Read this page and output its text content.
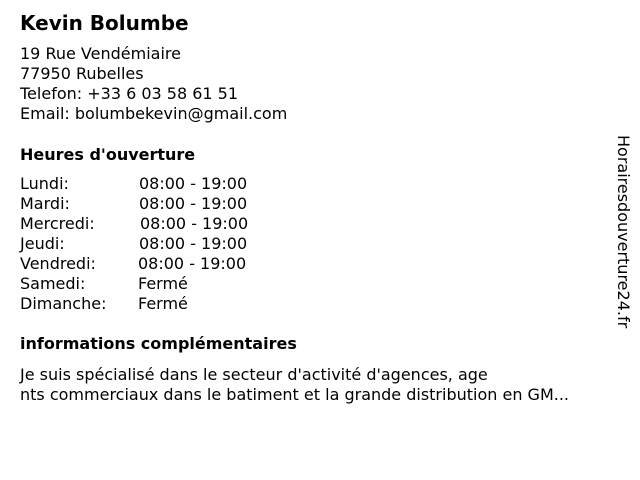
Kevin Bolumbe
19 Rue Vendémiaire
77950 Rubelles
Telefon: +33 6 03 58 61 51
Email: bolumbekevin@gmail.com
Heures d'ouverture
Lundi:	08:00 - 19:00
Mardi:	08:00 - 19:00
Mercredi:	08:00 - 19:00
Jeudi:	08:00 - 19:00
Vendredi:	08:00 - 19:00
Samedi:	Fermé
Dimanche: Fermé
informations complémentaires
Je suis spécialisé dans le secteur d'activité d'agences, age
nts commerciaux dans le batiment et la grande distribution en GM...
Horairesdouverture24.fr
